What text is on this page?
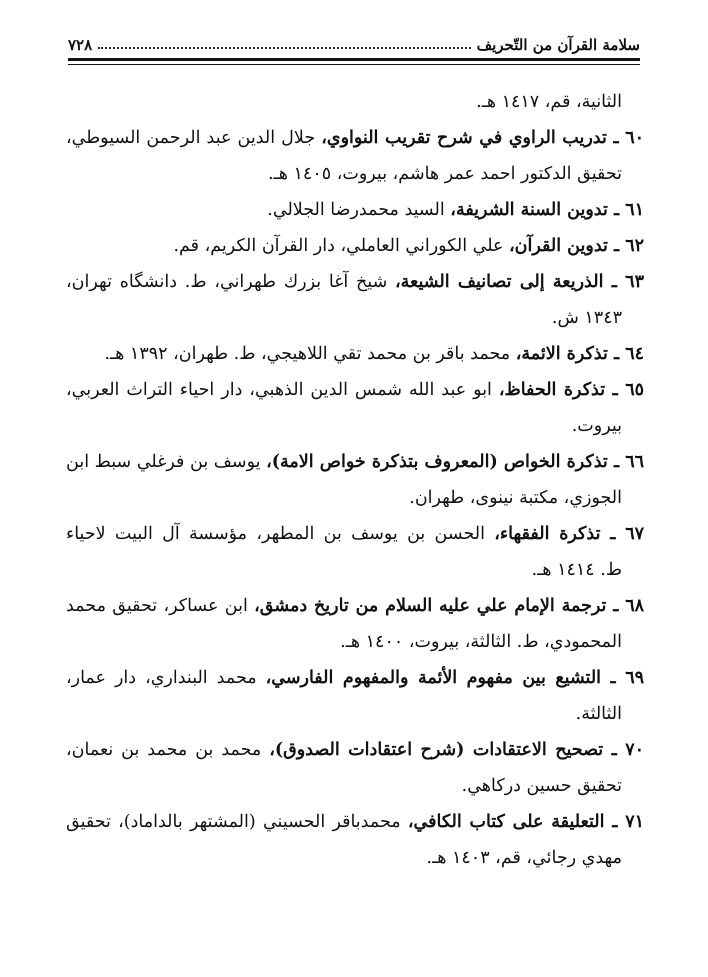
سلامة القرآن من التّحريف
٧٢٨
الثانية، قم، ١٤١٧ هـ.
٦٠ ـ تدريب الراوي في شرح تقريب النواوي، جلال الدين عبد الرحمن السيوطي،
تحقيق الدكتور احمد عمر هاشم، بيروت، ١٤٠٥ هـ.
٦١ ـ تدوين السنة الشريفة، السيد محمدرضا الجلالي.
٦٢ ـ تدوين القرآن، علي الكوراني العاملي، دار القرآن الكريم، قم.
٦٣ ـ الذريعة إلى تصانيف الشيعة، شيخ آغا بزرك طهراني، ط. دانشگاه تهران،
١٣٤٣ ش.
٦٤ ـ تذكرة الائمة، محمد باقر بن محمد تقي اللاهيجي، ط. طهران، ١٣٩٢ هـ.
٦٥ ـ تذكرة الحفاظ، ابو عبد الله شمس الدين الذهبي، دار احياء التراث العربي،
بيروت.
٦٦ ـ تذكرة الخواص (المعروف بتذكرة خواص الامة)، يوسف بن فرغلي سبط ابن
الجوزي، مكتبة نينوى، طهران.
٦٧ ـ تذكرة الفقهاء، الحسن بن يوسف بن المطهر، مؤسسة آل البيت لاحياء
ط. ١٤١٤ هـ.
٦٨ ـ ترجمة الإمام علي عليه السلام من تاريخ دمشق، ابن عساكر، تحقيق محمد
المحمودي، ط. الثالثة، بيروت، ١٤٠٠ هـ.
٦٩ ـ التشيع بين مفهوم الأئمة والمفهوم الفارسي، محمد البنداري، دار عمار،
الثالثة.
٧٠ ـ تصحيح الاعتقادات (شرح اعتقادات الصدوق)، محمد بن محمد بن نعمان،
تحقيق حسين دركاهي.
٧١ ـ التعليقة على كتاب الكافي، محمدباقر الحسيني (المشتهر بالداماد)، تحقيق
مهدي رجائي، قم، ١٤٠٣ هـ.
